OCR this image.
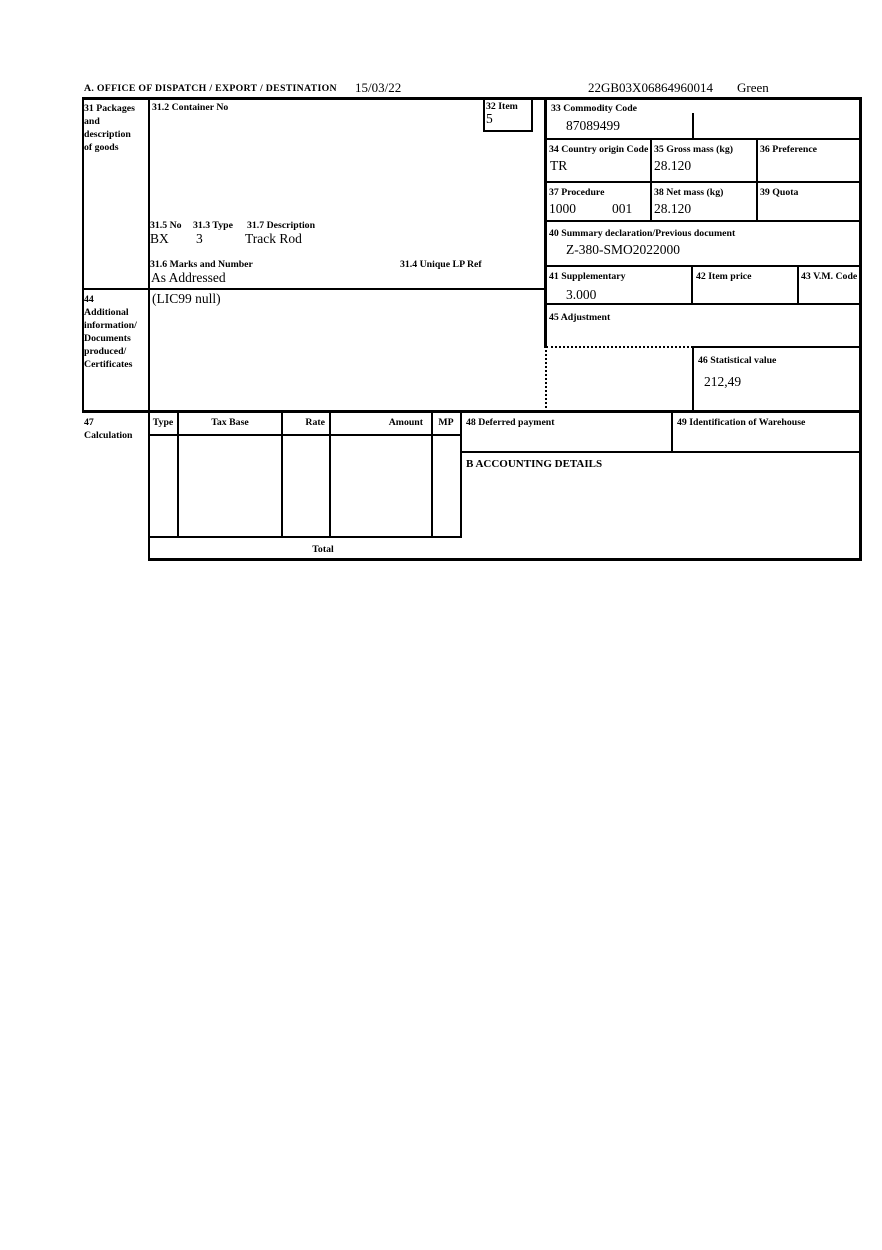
A. OFFICE OF DISPATCH / EXPORT / DESTINATION 15/03/22	22GB03X06864960014 Green
31 Packages
and
description
of goods
31.2 Container No	32 Item
5
31.5 No 31.3 Type 31.7 Description
BX 3	Track Rod
31.6 Marks and Number	31.4 Unique LP Ref
As Addressed
33 Commodity Code
87089499
34 Country origin Code
TR
35 Gross mass (kg)
28.120
36 Preference
37 Procedure
1000	001
38 Net mass (kg)
28.120
39 Quota
40 Summary declaration/Previous document
Z-380-SMO2022000
41 Supplementary
3.000
42 Item price	43 V.M. Code
44
Additional
information/
Documents
produced/
Certificates
(LIC99 null)
45 Adjustment
46 Statistical value
212,49
47
Calculation
Type	Tax Base	Rate	Amount	MP
Total
48 Deferred payment	49 Identification of Warehouse
B ACCOUNTING DETAILS
